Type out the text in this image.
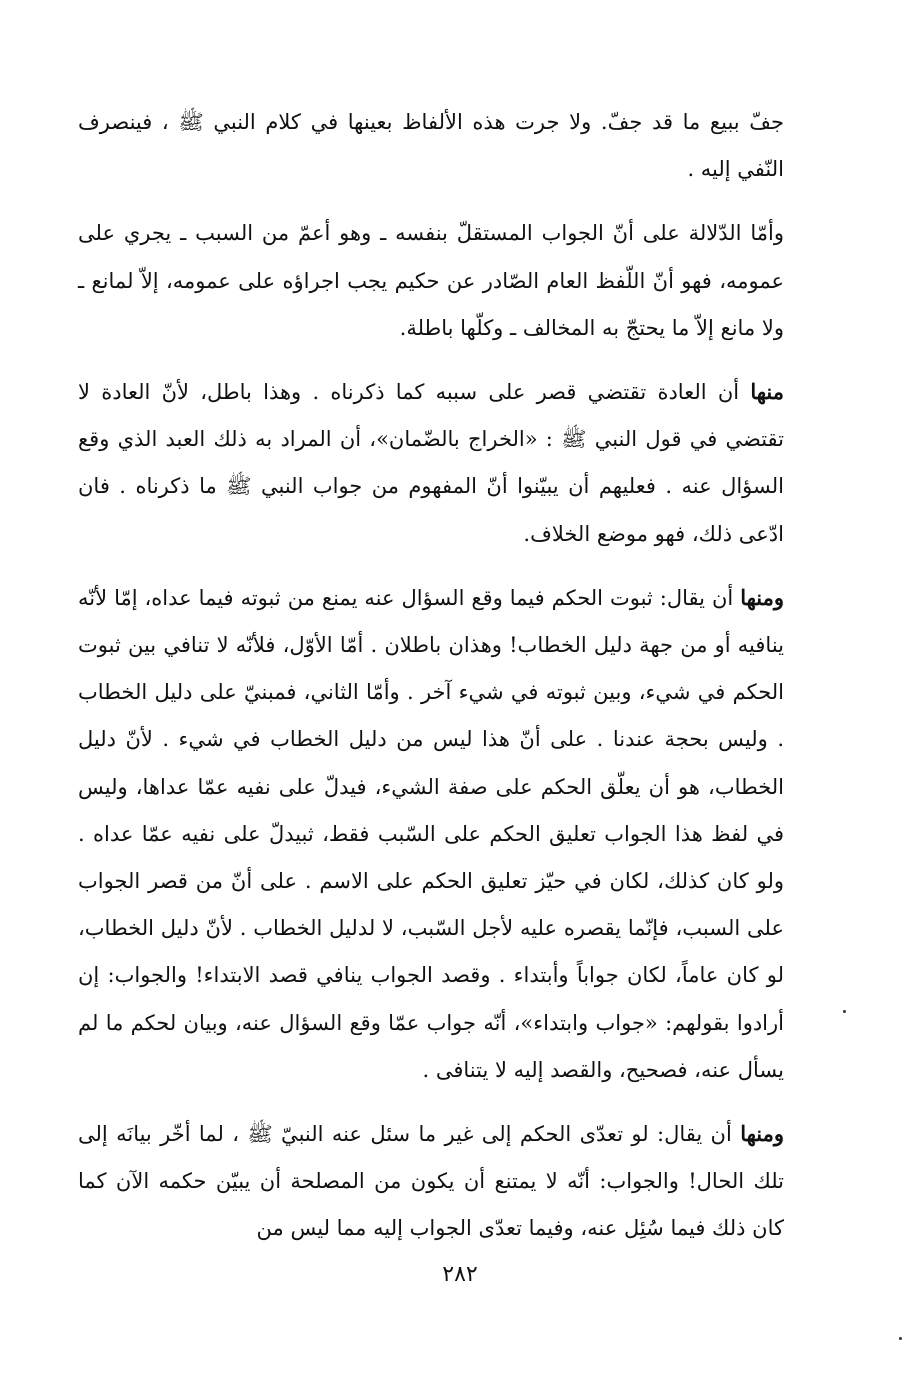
جفّ ببيع ما قد جفّ. ولا جرت هذه الألفاظ بعينها في كلام النبي ﷺ ، فينصرف النّفي إليه .

وأمّا الدّلالة على أنّ الجواب المستقلّ بنفسه ـ وهو أعمّ من السبب ـ يجري على عمومه، فهو أنّ اللّفظ العام الصّادر عن حكيم يجب اجراؤه على عمومه، إلاّ لمانع ـ ولا مانع إلاّ ما يحتجّ به المخالف ـ وكلّها باطلة.

منها أن العادة تقتضي قصر على سببه كما ذكرناه . وهذا باطل، لأنّ العادة لا تقتضي في قول النبي ﷺ : «الخراج بالضّمان»، أن المراد به ذلك العبد الذي وقع السؤال عنه . فعليهم أن يبيّنوا أنّ المفهوم من جواب النبي ﷺ ما ذكرناه . فان ادّعى ذلك، فهو موضع الخلاف.

ومنها أن يقال: ثبوت الحكم فيما وقع السؤال عنه يمنع من ثبوته فيما عداه، إمّا لأنّه ينافيه أو من جهة دليل الخطاب! وهذان باطلان . أمّا الأوّل، فلأنّه لا تنافي بين ثبوت الحكم في شيء، وبين ثبوته في شيء آخر . وأمّا الثاني، فمبنيّ على دليل الخطاب . وليس بحجة عندنا . على أنّ هذا ليس من دليل الخطاب في شيء . لأنّ دليل الخطاب، هو أن يعلّق الحكم على صفة الشيء، فيدلّ على نفيه عمّا عداها، وليس في لفظ هذا الجواب تعليق الحكم على السّبب فقط، ثبيدلّ على نفيه عمّا عداه . ولو كان كذلك، لكان في حيّز تعليق الحكم على الاسم . على أنّ من قصر الجواب على السبب، فإنّما يقصره عليه لأجل السّبب، لا لدليل الخطاب . لأنّ دليل الخطاب، لو كان عاماً، لكان جواباً وأبتداء . وقصد الجواب ينافي قصد الابتداء! والجواب: إن أرادوا بقولهم: «جواب وابتداء»، أنّه جواب عمّا وقع السؤال عنه، وبيان لحكم ما لم يسأل عنه، فصحيح، والقصد إليه لا يتنافى .

ومنها أن يقال: لو تعدّى الحكم إلى غير ما سئل عنه النبيّ ﷺ ، لما أخّر بيانَه إلى تلك الحال! والجواب: أنّه لا يمتنع أن يكون من المصلحة أن يبيّن حكمه الآن كما كان ذلك فيما سُئِل عنه، وفيما تعدّى الجواب إليه مما ليس من

٢٨٢
